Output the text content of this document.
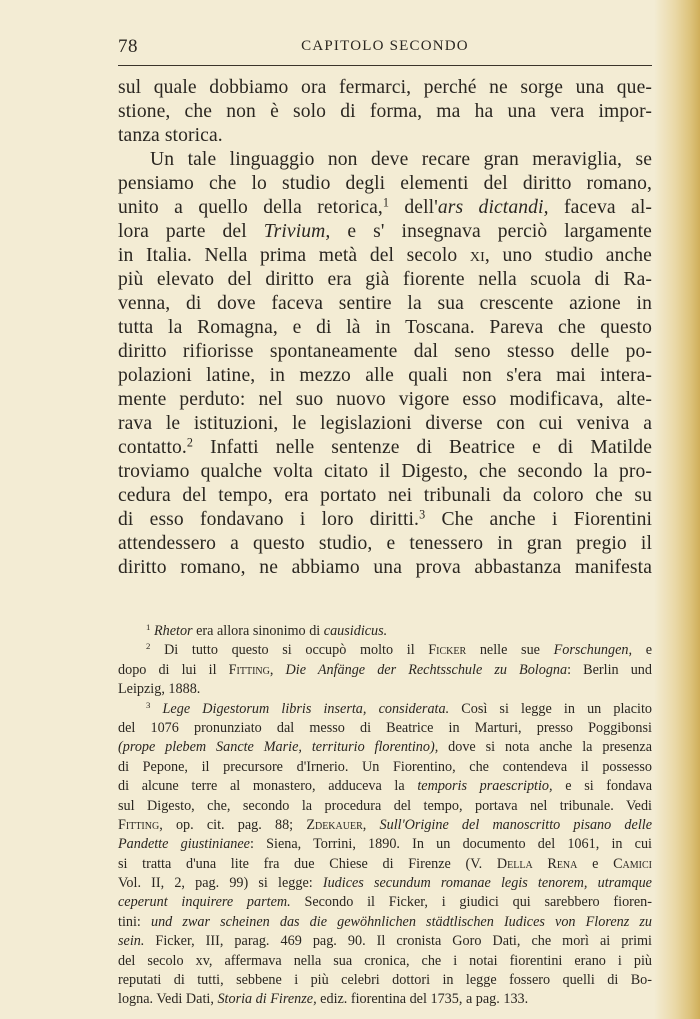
78	CAPITOLO SECONDO
sul quale dobbiamo ora fermarci, perché ne sorge una que-
stione, che non è solo di forma, ma ha una vera impor-
tanza storica.
Un tale linguaggio non deve recare gran meraviglia, se
pensiamo che lo studio degli elementi del diritto romano,
unito a quello della retorica,$^1$ dell'ars dictandi, faceva al-
lora parte del Trivium, e s' insegnava perciò largamente
in Italia. Nella prima metà del secolo xi, uno studio anche
più elevato del diritto era già fiorente nella scuola di Ra-
venna, di dove faceva sentire la sua crescente azione in
tutta la Romagna, e di là in Toscana. Pareva che questo
diritto rifiorisse spontaneamente dal seno stesso delle po-
polazioni latine, in mezzo alle quali non s'era mai intera-
mente perduto: nel suo nuovo vigore esso modificava, alte-
rava le istituzioni, le legislazioni diverse con cui veniva a
contatto.$^2$ Infatti nelle sentenze di Beatrice e di Matilde
troviamo qualche volta citato il Digesto, che secondo la pro-
cedura del tempo, era portato nei tribunali da coloro che su
di esso fondavano i loro diritti.$^3$ Che anche i Fiorentini
attendessero a questo studio, e tenessero in gran pregio il
diritto romano, ne abbiamo una prova abbastanza manifesta
$^1$ Rhetor era allora sinonimo di causidicus.
$^2$ Di tutto questo si occupò molto il Ficker nelle sue Forschungen, e
dopo di lui il Fitting, Die Anfänge der Rechtsschule zu Bologna: Berlin und
Leipzig, 1888.
$^3$ Lege Digestorum libris inserta, considerata. Così si legge in un placito
del 1076 pronunziato dal messo di Beatrice in Marturi, presso Poggibonsi
(prope plebem Sancte Marie, territurio florentino), dove si nota anche la presenza
di Pepone, il precursore d'Irnerio. Un Fiorentino, che contendeva il possesso
di alcune terre al monastero, adduceva la temporis praescriptio, e si fondava
sul Digesto, che, secondo la procedura del tempo, portava nel tribunale. Vedi
Fitting, op. cit. pag. 88; Zdekauer, Sull'Origine del manoscritto pisano delle
Pandette giustinianee: Siena, Torrini, 1890. In un documento del 1061, in cui
si tratta d'una lite fra due Chiese di Firenze (V. Della Rena e Camici
Vol. II, 2, pag. 99) si legge: Iudices secundum romanae legis tenorem, utramque
ceperunt inquirere partem. Secondo il Ficker, i giudici qui sarebbero fioren-
tini: und zwar scheinen das die gewöhnlichen städtlischen Iudices von Florenz zu
sein. Ficker, III, parag. 469 pag. 90. Il cronista Goro Dati, che morì ai primi
del secolo xv, affermava nella sua cronica, che i notai fiorentini erano i più
reputati di tutti, sebbene i più celebri dottori in legge fossero quelli di Bo-
logna. Vedi Dati, Storia di Firenze, ediz. fiorentina del 1735, a pag. 133.
